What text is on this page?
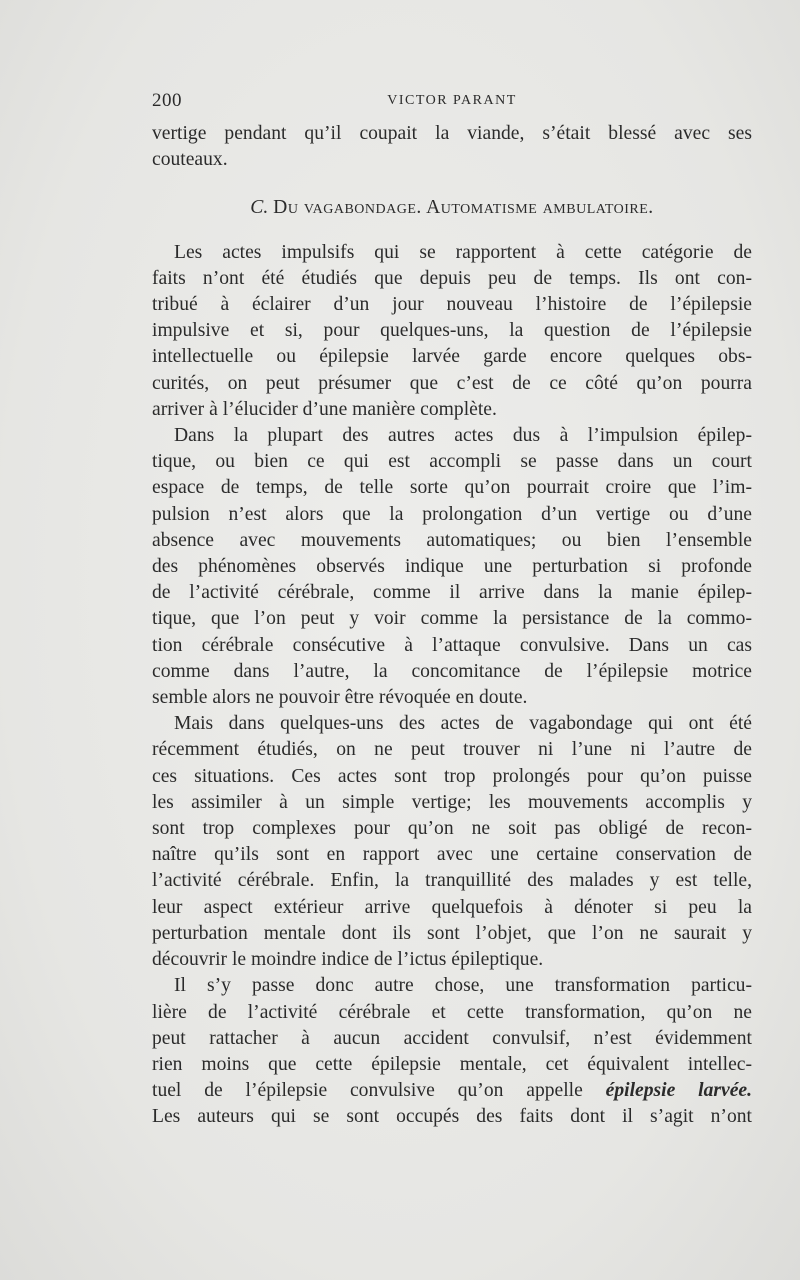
200	VICTOR PARANT
vertige pendant qu’il coupait la viande, s’était blessé avec ses
couteaux.
C. Du vagabondage. Automatisme ambulatoire.
Les actes impulsifs qui se rapportent à cette catégorie de
faits n’ont été étudiés que depuis peu de temps. Ils ont con-
tribué à éclairer d’un jour nouveau l’histoire de l’épilepsie
impulsive et si, pour quelques-uns, la question de l’épilepsie
intellectuelle ou épilepsie larvée garde encore quelques obs-
curités, on peut présumer que c’est de ce côté qu’on pourra
arriver à l’élucider d’une manière complète.
Dans la plupart des autres actes dus à l’impulsion épilep-
tique, ou bien ce qui est accompli se passe dans un court
espace de temps, de telle sorte qu’on pourrait croire que l’im-
pulsion n’est alors que la prolongation d’un vertige ou d’une
absence avec mouvements automatiques; ou bien l’ensemble
des phénomènes observés indique une perturbation si profonde
de l’activité cérébrale, comme il arrive dans la manie épilep-
tique, que l’on peut y voir comme la persistance de la commo-
tion cérébrale consécutive à l’attaque convulsive. Dans un cas
comme dans l’autre, la concomitance de l’épilepsie motrice
semble alors ne pouvoir être révoquée en doute.
Mais dans quelques-uns des actes de vagabondage qui ont été
récemment étudiés, on ne peut trouver ni l’une ni l’autre de
ces situations. Ces actes sont trop prolongés pour qu’on puisse
les assimiler à un simple vertige; les mouvements accomplis y
sont trop complexes pour qu’on ne soit pas obligé de recon-
naître qu’ils sont en rapport avec une certaine conservation de
l’activité cérébrale. Enfin, la tranquillité des malades y est telle,
leur aspect extérieur arrive quelquefois à dénoter si peu la
perturbation mentale dont ils sont l’objet, que l’on ne saurait y
découvrir le moindre indice de l’ictus épileptique.
Il s’y passe donc autre chose, une transformation particu-
lière de l’activité cérébrale et cette transformation, qu’on ne
peut rattacher à aucun accident convulsif, n’est évidemment
rien moins que cette épilepsie mentale, cet équivalent intellec-
tuel de l’épilepsie convulsive qu’on appelle épilepsie larvée.
Les auteurs qui se sont occupés des faits dont il s’agit n’ont
